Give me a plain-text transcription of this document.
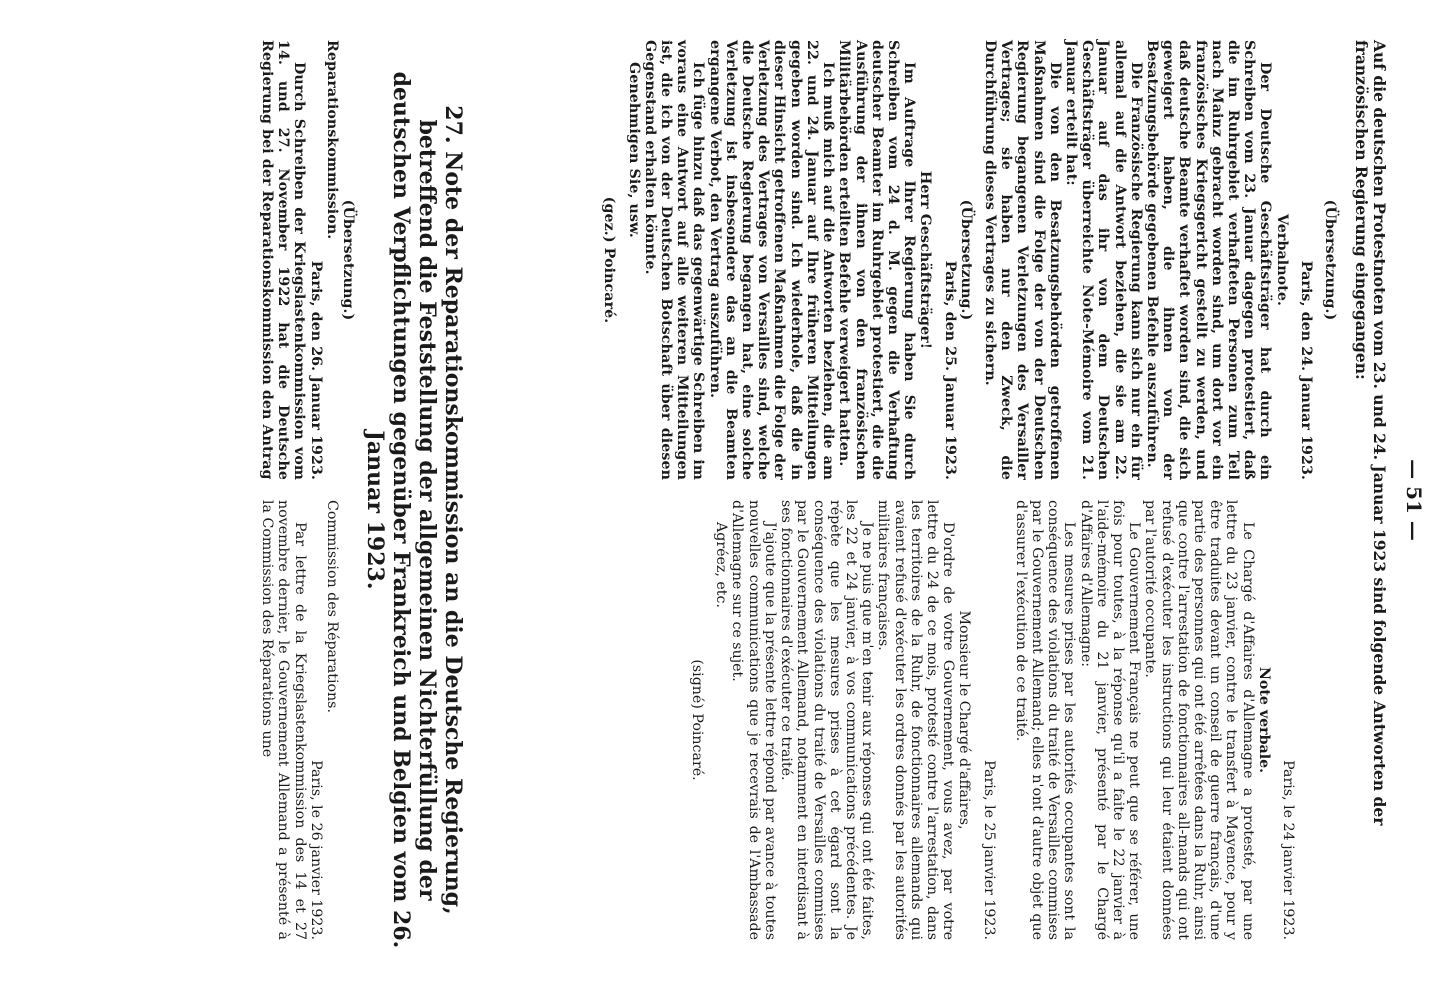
— 51 —
Auf die deutschen Protestnoten vom 23. und 24. Januar 1923 sind folgende Antworten der französischen Regierung eingegangen:

(Übersetzung.)

Paris, den 24. Januar 1923.

Verbalnote.

Der Deutsche Geschäftsträger hat durch ein Schreiben vom 23. Januar dagegen protestiert, daß die im Ruhrgebiet verhafteten Personen zum Teil nach Mainz gebracht worden sind, um dort vor ein französisches Kriegsgericht gestellt zu werden, und daß deutsche Beamte verhaftet worden sind, die sich geweigert haben, die ihnen von der Besatzungsbehörde gegebenen Befehle auszuführen.

Die Französische Regierung kann sich nur ein für allemal auf die Antwort beziehen, die sie am 22. Januar auf das ihr von dem Deutschen Geschäftsträger überreichte Note-Mémoire vom 21. Januar erteilt hat:

Die von den Besatzungsbehörden getroffenen Maßnahmen sind die Folge der von der Deutschen Regierung begangenen Verletzungen des Versailler Vertrages; sie haben nur den Zweck, die Durchführung dieses Vertrages zu sichern.

(Übersetzung.)

Paris, den 25. Januar 1923.

Herr Geschäftsträger!

Im Auftrage Ihrer Regierung haben Sie durch Schreiben vom 24 d. M. gegen die Verhaftung deutscher Beamter im Ruhrgebiet protestiert, die die Ausführung der ihnen von den französischen Militärbehörden erteilten Befehle verweigert hatten.

Ich muß mich auf die Antworten beziehen, die am 22. und 24. Januar auf Ihre früheren Mitteilungen gegeben worden sind. Ich wiederhole, daß die in dieser Hinsicht getroffenen Maßnahmen die Folge der Verletzung des Vertrages von Versailles sind, welche die Deutsche Regierung begangen hat, eine solche Verletzung ist insbesondere das an die Beamten ergangene Verbot, den Vertrag auszuführen.

Ich füge hinzu daß das gegenwärtige Schreiben im voraus eine Antwort auf alle weiteren Mitteilungen ist, die ich von der Deutschen Botschaft über diesen Gegenstand erhalten könnte.

Genehmigen Sie, usw.

(gez.) Poincaré.

Paris, le 24 janvier 1923.

Note verbale.

Le Chargé d'Affaires d'Allemagne a protesté, par une lettre du 23 janvier, contre le transfert à Mayence, pour y être traduites devant un conseil de guerre français, d'une partie des personnes qui ont été arrêtées dans la Ruhr, ainsi que contre l'arrestation de fonctionnaires all-mands qui ont refusé d'exécuter les instructions qui leur étaient données par l'autorité occupante.

Le Gouvernement Français ne peut que se référer, une fois pour toutes, à la réponse qu'il a faite le 22 janvier à l'aide-mémoire du 21 janvier, présenté par le Chargé d'Affaires d'Allemagne:

Les mesures prises par les autorités occupantes sont la conséquence des violations du traité de Versailles commises par le Gouvernement Allemand; elles n'ont d'autre objet que d'assurer l'exécution de ce traité.

Paris, le 25 janvier 1923.

Monsieur le Chargé d'affaires,

D'ordre de votre Gouvernement, vous avez, par votre lettre du 24 de ce mois, protesté contre l'arrestation, dans les territoires de la Ruhr, de fonctionnaires allemands qui avaient refusé d'exécuter les ordres donnés par les autorités militaires françaises.

Je ne puis que m'en tenir aux réponses qui ont été faites, les 22 et 24 janvier, à vos communications précédentes. Je répète que les mesures prises à cet égard sont la conséquence des violations du traité de Versailles commises par le Gouvernement Allemand, notamment en interdisant à ses fonctionnaires d'exécuter ce traité.

J'ajoute que la présente lettre répond par avance à toutes nouvelles communications que je recevrais de l'Ambassade d'Allemagne sur ce sujet.

Agréez, etc.

(signé) Poincaré.

27. Note der Reparationskommission an die Deutsche Regierung, betreffend die Feststellung der allgemeinen Nichterfüllung der deutschen Verpflichtungen gegenüber Frankreich und Belgien vom 26. Januar 1923.

(Übersetzung.)

Reparationskommission.

Paris, den 26. Januar 1923.

Durch Schreiben der Kriegslastenkommission vom 14. und 27. November 1922 hat die Deutsche Regierung bei der Reparationskommission den Antrag

Commission des Réparations.

Paris, le 26 janvier 1923.

Par lettre de la Kriegslastenkommission des 14 et 27 novembre dernier, le Gouvernement Allemand a présenté à la Commission des Réparations une
